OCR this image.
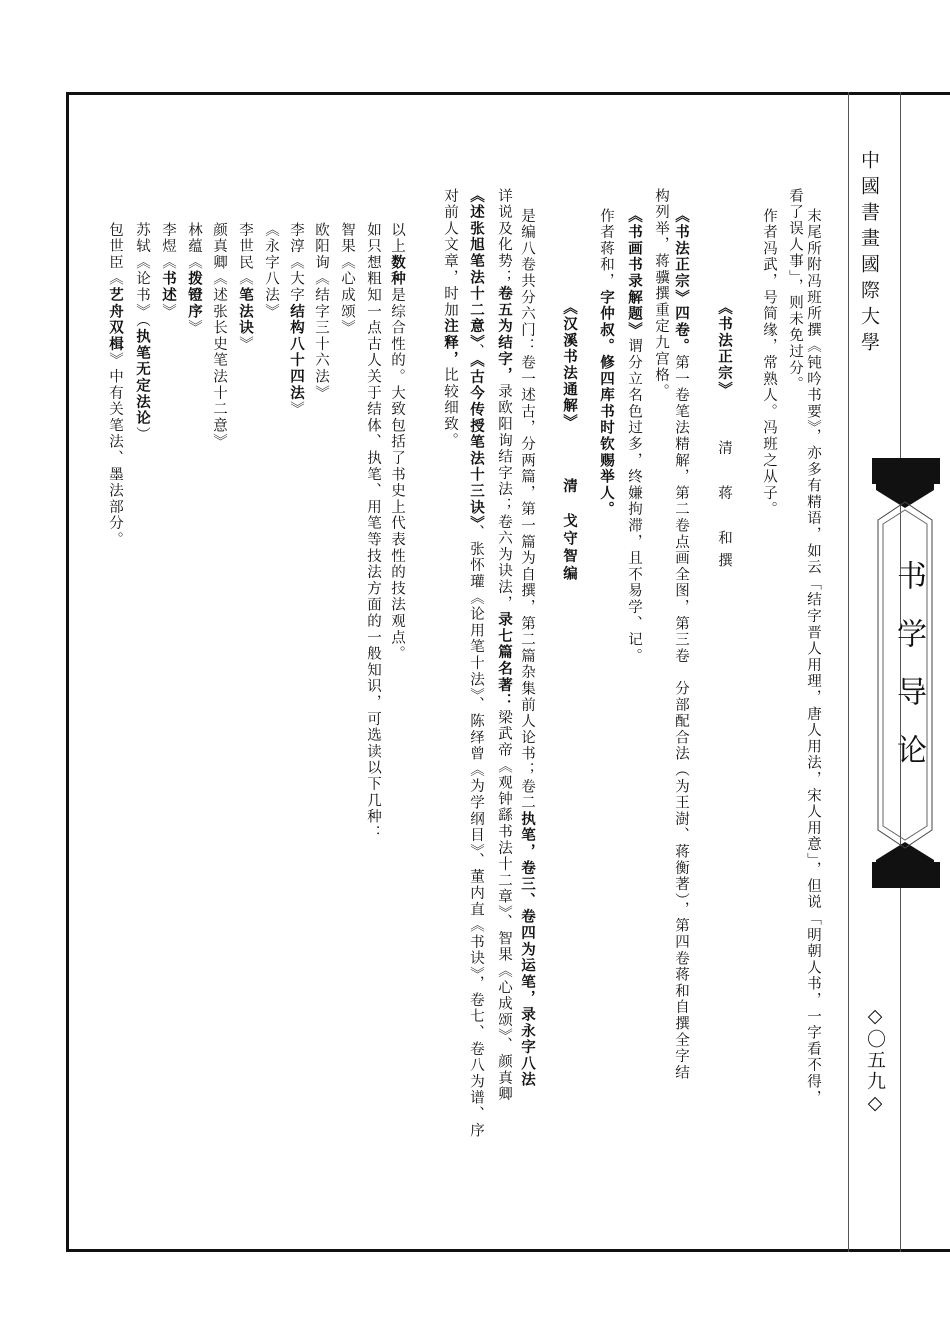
中國書畫國際大學
书学导论
◇〇五九◇
末尾所附冯班所撰《钝吟书要》，亦多有精语，如云「结字晋人用理，唐人用法，宋人用意」，但说「明朝人书，一字看不得，
看了误人事」，则未免过分。
作者冯武，号简缘，常熟人。冯班之从子。
《书法正宗》
清　蒋　和撰
《书法正宗》四卷。第一卷笔法精解，第二卷点画全图，第三卷　分部配合法（为王澍、蒋衡著），第四卷蒋和自撰全字结
构列举，蒋骥撰重定九宫格。
《书画书录解题》谓分立名色过多，终嫌拘滞，且不易学、记。
作者蒋和，字仲叔。修四库书时钦赐举人。
《汉溪书法通解》
清　戈守智编
是编八卷共分六门：卷一述古，分两篇，第一篇为自撰，第二篇杂集前人论书；卷二执笔，卷三、卷四为运笔，录永字八法
详说及化势；卷五为结字，录欧阳询结字法；卷六为诀法，录七篇名著：梁武帝《观钟繇书法十二章》、智果《心成颂》、颜真卿
《述张旭笔法十二意》、《古今传授笔法十三诀》、张怀瓘《论用笔十法》、陈绎曾《为学纲目》、董内直《书诀》，卷七、卷八为谱、序
对前人文章，时加注释，比较细致。
以上数种是综合性的。大致包括了书史上代表性的技法观点。
如只想粗知一点古人关于结体、执笔、用笔等技法方面的一般知识，可选读以下几种：
智果《心成颂》
欧阳询《结字三十六法》
李淳《大字结构八十四法》
《永字八法》
李世民《笔法诀》
颜真卿《述张长史笔法十二意》
林蕴《拨镫序》
李煜《书述》
苏轼《论书》（执笔无定法论）
包世臣《艺舟双楫》中有关笔法、墨法部分。
